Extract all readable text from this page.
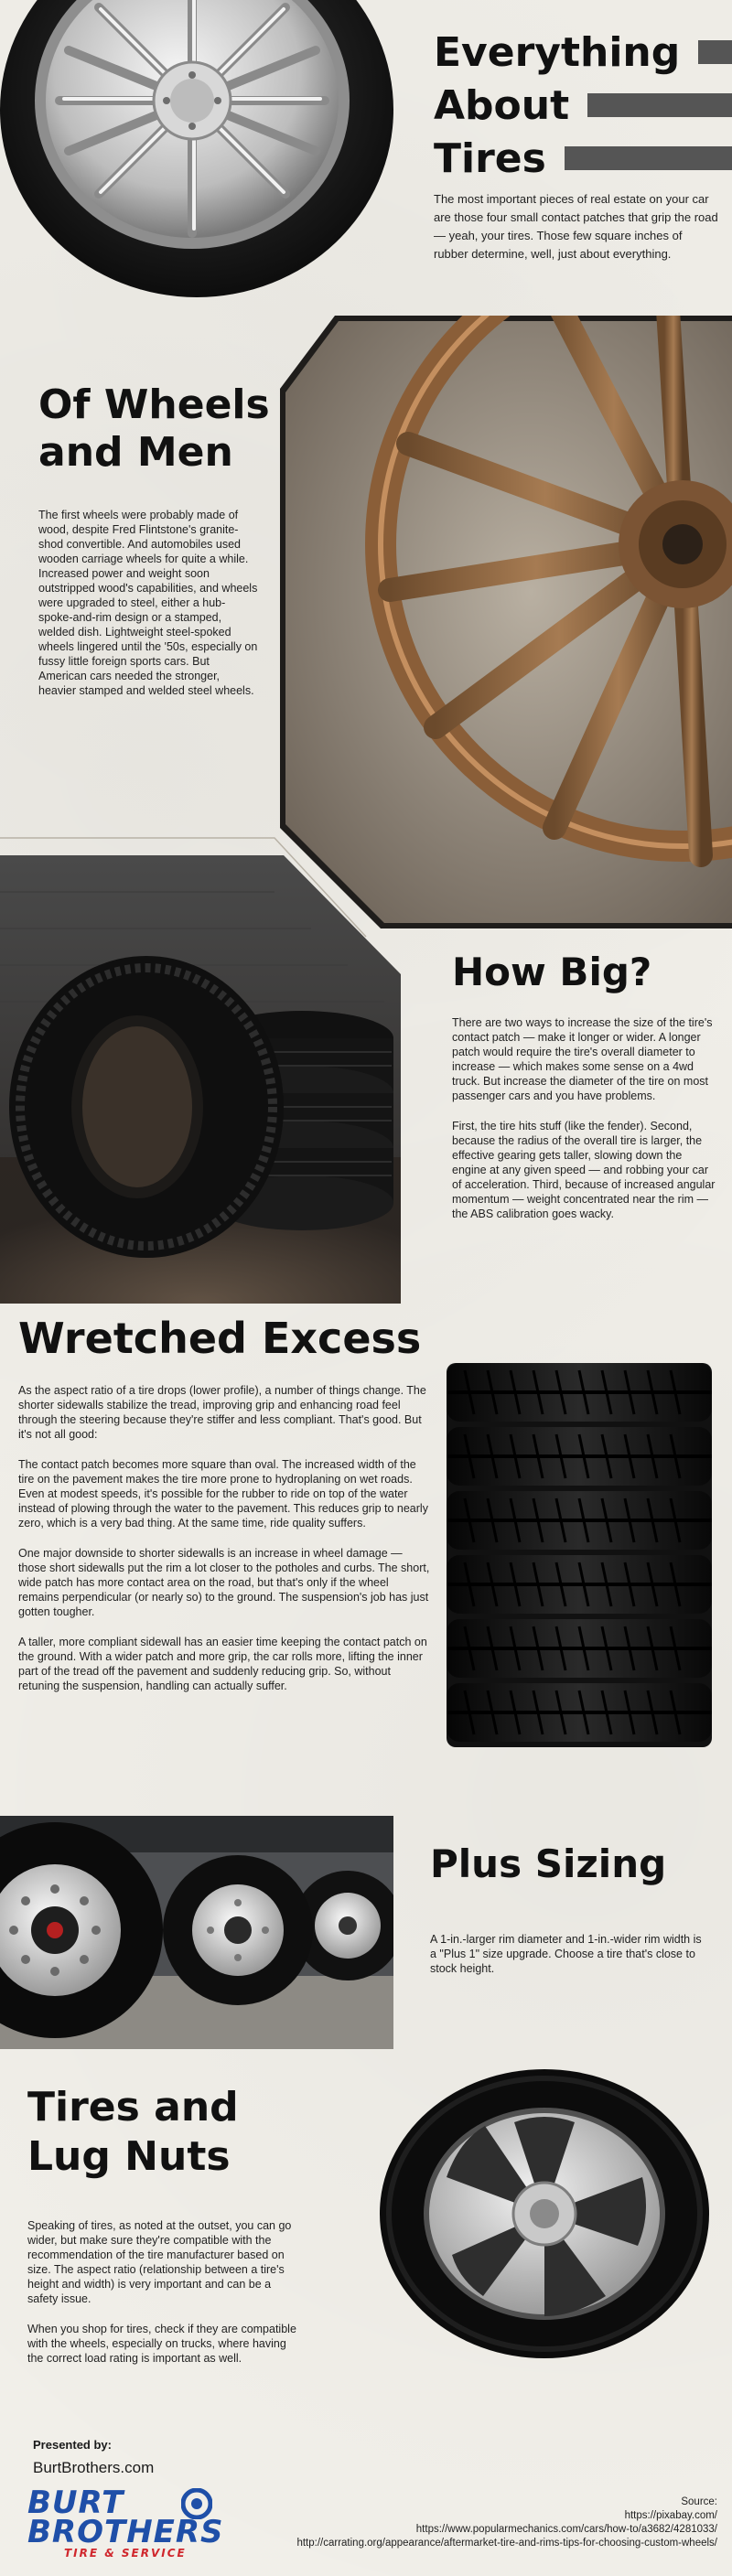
Everything
About
Tires

The most important pieces of real estate on your car are those four small contact patches that grip the road — yeah, your tires. Those few square inches of rubber determine, well, just about everything.

Of Wheels
and Men

The first wheels were probably made of wood, despite Fred Flintstone's granite-shod convertible. And automobiles used wooden carriage wheels for quite a while. Increased power and weight soon outstripped wood's capabilities, and wheels were upgraded to steel, either a hub-spoke-and-rim design or a stamped, welded dish. Lightweight steel-spoked wheels lingered until the '50s, especially on fussy little foreign sports cars. But American cars needed the stronger, heavier stamped and welded steel wheels.

How Big?

There are two ways to increase the size of the tire's contact patch — make it longer or wider. A longer patch would require the tire's overall diameter to increase — which makes some sense on a 4wd truck. But increase the diameter of the tire on most passenger cars and you have problems.

First, the tire hits stuff (like the fender). Second, because the radius of the overall tire is larger, the effective gearing gets taller, slowing down the engine at any given speed — and robbing your car of acceleration. Third, because of increased angular momentum — weight concentrated near the rim — the ABS calibration goes wacky.

Wretched Excess

As the aspect ratio of a tire drops (lower profile), a number of things change. The shorter sidewalls stabilize the tread, improving grip and enhancing road feel through the steering because they're stiffer and less compliant. That's good. But it's not all good:

The contact patch becomes more square than oval. The increased width of the tire on the pavement makes the tire more prone to hydroplaning on wet roads. Even at modest speeds, it's possible for the rubber to ride on top of the water instead of plowing through the water to the pavement. This reduces grip to nearly zero, which is a very bad thing. At the same time, ride quality suffers.

One major downside to shorter sidewalls is an increase in wheel damage — those short sidewalls put the rim a lot closer to the potholes and curbs. The short, wide patch has more contact area on the road, but that's only if the wheel remains perpendicular (or nearly so) to the ground. The suspension's job has just gotten tougher.

A taller, more compliant sidewall has an easier time keeping the contact patch on the ground. With a wider patch and more grip, the car rolls more, lifting the inner part of the tread off the pavement and suddenly reducing grip. So, without retuning the suspension, handling can actually suffer.

Plus Sizing

A 1-in.-larger rim diameter and 1-in.-wider rim width is a "Plus 1" size upgrade. Choose a tire that's close to stock height.

Tires and
Lug Nuts

Speaking of tires, as noted at the outset, you can go wider, but make sure they're compatible with the recommendation of the tire manufacturer based on size. The aspect ratio (relationship between a tire's height and width) is very important and can be a safety issue.

When you shop for tires, check if they are compatible with the wheels, especially on trucks, where having the correct load rating is important as well.

Presented by:
BurtBrothers.com
BURT
BROTHERS
TIRE & SERVICE
Source:
https://pixabay.com/
https://www.popularmechanics.com/cars/how-to/a3682/4281033/
http://carrating.org/appearance/aftermarket-tire-and-rims-tips-for-choosing-custom-wheels/
